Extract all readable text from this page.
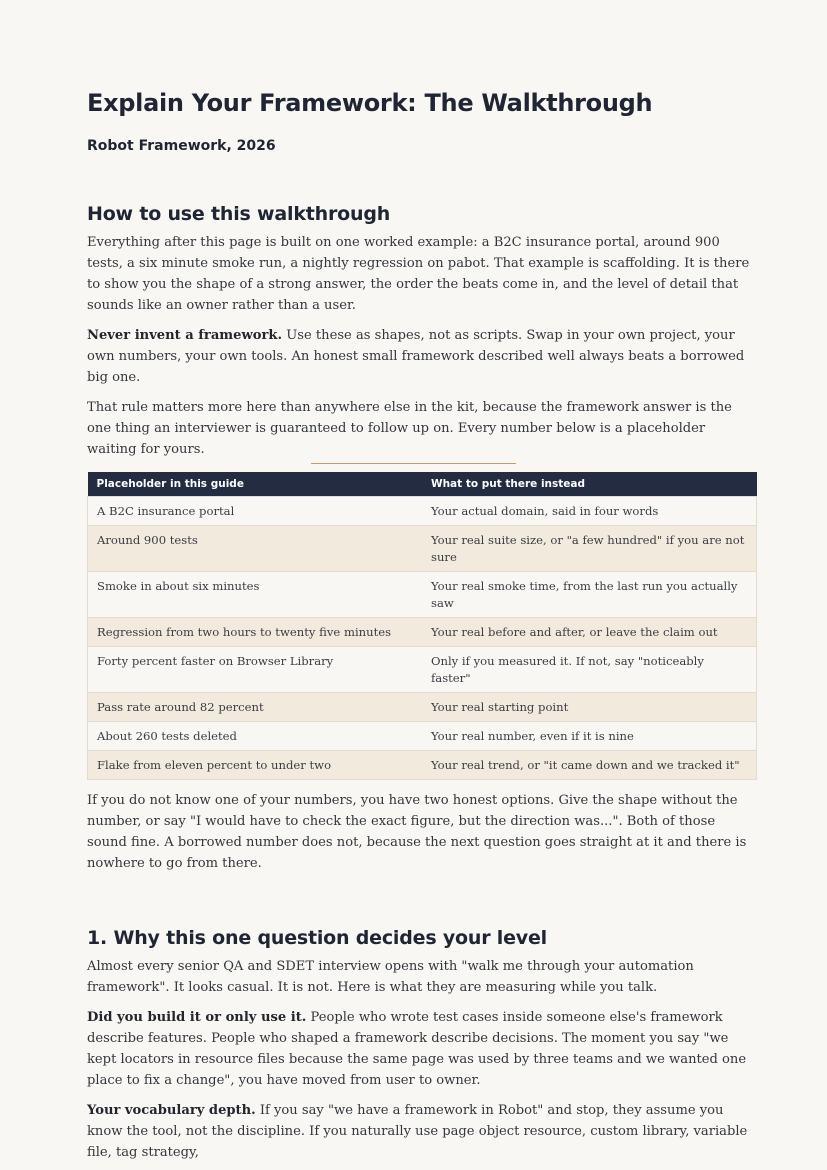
Explain Your Framework: The Walkthrough
Robot Framework, 2026
How to use this walkthrough

Everything after this page is built on one worked example: a B2C insurance portal, around 900 tests, a six minute smoke run, a nightly regression on pabot. That example is scaffolding. It is there to show you the shape of a strong answer, the order the beats come in, and the level of detail that sounds like an owner rather than a user.

Never invent a framework. Use these as shapes, not as scripts. Swap in your own project, your own numbers, your own tools. An honest small framework described well always beats a borrowed big one.

That rule matters more here than anywhere else in the kit, because the framework answer is the one thing an interviewer is guaranteed to follow up on. Every number below is a placeholder waiting for yours.

Placeholder in this guide	What to put there instead
A B2C insurance portal	Your actual domain, said in four words
Around 900 tests	Your real suite size, or "a few hundred" if you are not sure
Smoke in about six minutes	Your real smoke time, from the last run you actually saw
Regression from two hours to twenty five minutes	Your real before and after, or leave the claim out
Forty percent faster on Browser Library	Only if you measured it. If not, say "noticeably faster"
Pass rate around 82 percent	Your real starting point
About 260 tests deleted	Your real number, even if it is nine
Flake from eleven percent to under two	Your real trend, or "it came down and we tracked it"

If you do not know one of your numbers, you have two honest options. Give the shape without the number, or say "I would have to check the exact figure, but the direction was...". Both of those sound fine. A borrowed number does not, because the next question goes straight at it and there is nowhere to go from there.

1. Why this one question decides your level

Almost every senior QA and SDET interview opens with "walk me through your automation framework". It looks casual. It is not. Here is what they are measuring while you talk.

Did you build it or only use it. People who wrote test cases inside someone else's framework describe features. People who shaped a framework describe decisions. The moment you say "we kept locators in resource files because the same page was used by three teams and we wanted one place to fix a change", you have moved from user to owner.

Your vocabulary depth. If you say "we have a framework in Robot" and stop, they assume you know the tool, not the discipline. If you naturally use page object resource, custom library, variable file, tag strategy,
